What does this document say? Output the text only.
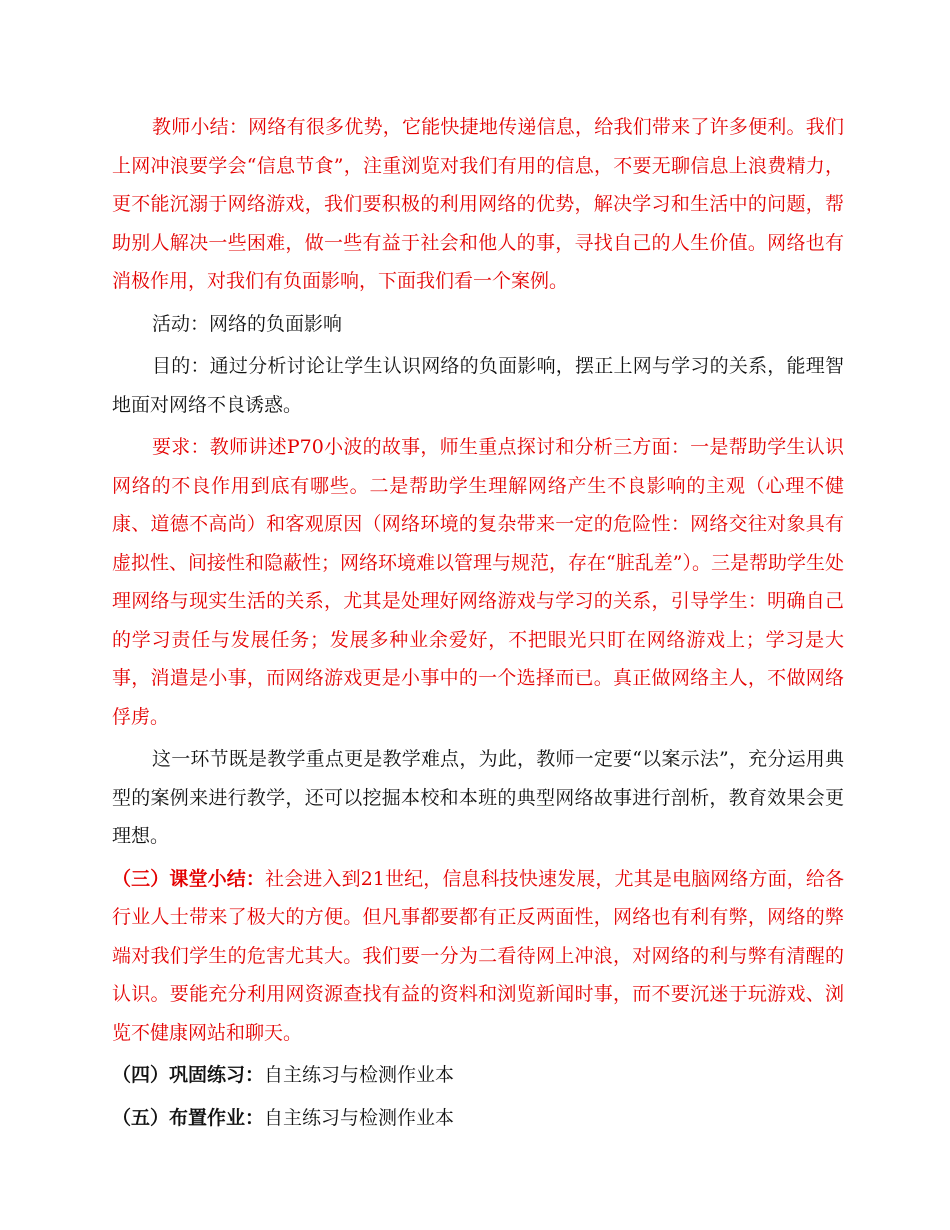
教师小结：网络有很多优势，它能快捷地传递信息，给我们带来了许多便利。我们上网冲浪要学会“信息节食”，注重浏览对我们有用的信息，不要无聊信息上浪费精力，更不能沉溺于网络游戏，我们要积极的利用网络的优势，解决学习和生活中的问题，帮助别人解决一些困难，做一些有益于社会和他人的事，寻找自己的人生价值。网络也有消极作用，对我们有负面影响，下面我们看一个案例。

活动：网络的负面影响

目的：通过分析讨论让学生认识网络的负面影响，摆正上网与学习的关系，能理智地面对网络不良诱惑。

要求：教师讲述P70小波的故事，师生重点探讨和分析三方面：一是帮助学生认识网络的不良作用到底有哪些。二是帮助学生理解网络产生不良影响的主观（心理不健康、道德不高尚）和客观原因（网络环境的复杂带来一定的危险性：网络交往对象具有虚拟性、间接性和隐蔽性；网络环境难以管理与规范，存在“脏乱差”）。三是帮助学生处理网络与现实生活的关系，尤其是处理好网络游戏与学习的关系，引导学生：明确自己的学习责任与发展任务；发展多种业余爱好，不把眼光只盯在网络游戏上；学习是大事，消遣是小事，而网络游戏更是小事中的一个选择而已。真正做网络主人，不做网络俘虏。

这一环节既是教学重点更是教学难点，为此，教师一定要“以案示法”，充分运用典型的案例来进行教学，还可以挖掘本校和本班的典型网络故事进行剖析，教育效果会更理想。

（三）课堂小结：社会进入到21世纪，信息科技快速发展，尤其是电脑网络方面，给各行业人士带来了极大的方便。但凡事都要都有正反两面性，网络也有利有弊，网络的弊端对我们学生的危害尤其大。我们要一分为二看待网上冲浪，对网络的利与弊有清醒的认识。要能充分利用网资源查找有益的资料和浏览新闻时事，而不要沉迷于玩游戏、浏览不健康网站和聊天。

（四）巩固练习：自主练习与检测作业本

（五）布置作业：自主练习与检测作业本
